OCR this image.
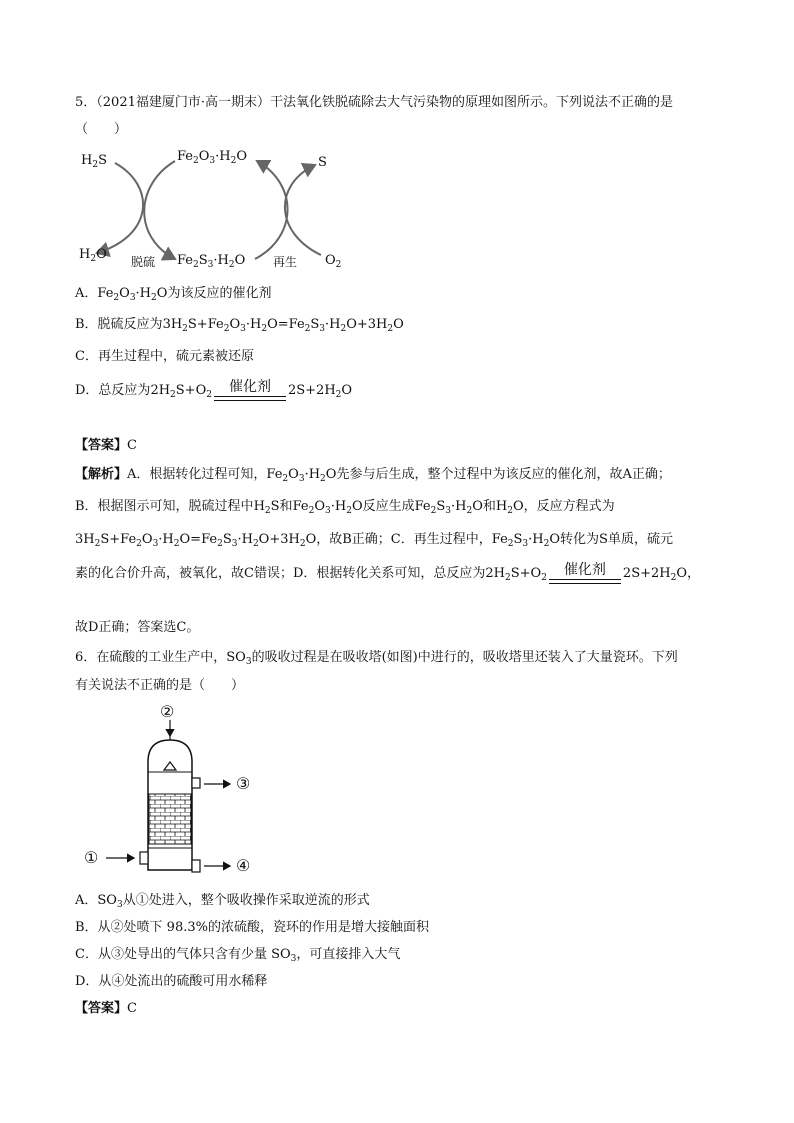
5．（2021福建厦门市·高一期末）干法氧化铁脱硫除去大气污染物的原理如图所示。下列说法不正确的是
（　　）
$H_2S$	$Fe_2O_3\cdot H_2O$	S
$H_2O$ 脱硫 $Fe_2S_3\cdot H_2O$ 再生 $O_2$
A．$Fe_2O_3\cdot H_2O$为该反应的催化剂
B．脱硫反应为$3H_2S+Fe_2O_3\cdot H_2O=Fe_2S_3\cdot H_2O+3H_2O$
C．再生过程中，硫元素被还原
D．总反应为$2H_2S+O_2$	催化剂	$2S+2H_2O$
【答案】C
【解析】A．根据转化过程可知，$Fe_2O_3\cdot H_2O$先参与后生成，整个过程中为该反应的催化剂，故A正确；
B．根据图示可知，脱硫过程中$H_2S$和$Fe_2O_3\cdot H_2O$反应生成$Fe_2S_3\cdot H_2O$和$H_2O$，反应方程式为
$3H_2S+Fe_2O_3\cdot H_2O=Fe_2S_3\cdot H_2O+3H_2O$，故B正确；C．再生过程中，$Fe_2S_3\cdot H_2O$转化为S单质，硫元
素的化合价升高，被氧化，故C错误；D．根据转化关系可知，总反应为$2H_2S+O_2$	催化剂	$2S+2H_2O$，
故D正确；答案选C。
6．在硫酸的工业生产中，$SO_3$的吸收过程是在吸收塔(如图)中进行的，吸收塔里还装入了大量瓷环。下列
有关说法不正确的是（　　）
②
③
①	④
A．$SO_3$从①处进入，整个吸收操作采取逆流的形式
B．从②处喷下 98.3%的浓硫酸，瓷环的作用是增大接触面积
C．从③处导出的气体只含有少量 $SO_3$，可直接排入大气
D．从④处流出的硫酸可用水稀释
【答案】C
